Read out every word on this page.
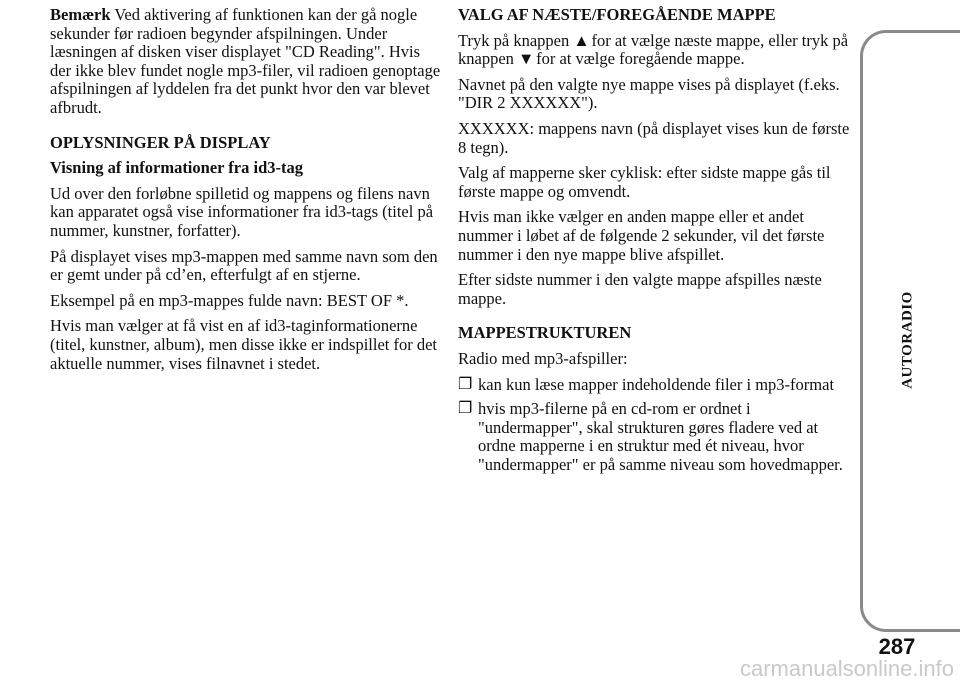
Bemærk Ved aktivering af funktionen kan der gå nogle sekunder før radioen begynder afspilningen. Under læsningen af disken viser displayet "CD Reading". Hvis der ikke blev fundet nogle mp3-filer, vil radioen genoptage afspilningen af lyddelen fra det punkt hvor den var blevet afbrudt.

OPLYSNINGER PÅ DISPLAY
Visning af informationer fra id3-tag

Ud over den forløbne spilletid og mappens og filens navn kan apparatet også vise informationer fra id3-tags (titel på nummer, kunstner, forfatter).

På displayet vises mp3-mappen med samme navn som den er gemt under på cd’en, efterfulgt af en stjerne.

Eksempel på en mp3-mappes fulde navn: BEST OF *.

Hvis man vælger at få vist en af id3-taginformationerne (titel, kunstner, album), men disse ikke er indspillet for det aktuelle nummer, vises filnavnet i stedet.

VALG AF NÆSTE/FOREGÅENDE MAPPE

Tryk på knappen ▲ for at vælge næste mappe, eller tryk på knappen ▼ for at vælge foregående mappe.

Navnet på den valgte nye mappe vises på displayet (f.eks. "DIR 2 XXXXXX").

XXXXXX: mappens navn (på displayet vises kun de første 8 tegn).

Valg af mapperne sker cyklisk: efter sidste mappe gås til første mappe og omvendt.

Hvis man ikke vælger en anden mappe eller et andet nummer i løbet af de følgende 2 sekunder, vil det første nummer i den nye mappe blive afspillet.

Efter sidste nummer i den valgte mappe afspilles næste mappe.

MAPPESTRUKTUREN

Radio med mp3-afspiller:

❐ kan kun læse mapper indeholdende filer i mp3-format
❐ hvis mp3-filerne på en cd-rom er ordnet i "undermapper", skal strukturen gøres fladere ved at ordne mapperne i en struktur med ét niveau, hvor "undermapper" er på samme niveau som hovedmapper.
AUTORADIO
287
carmanualsonline.info
